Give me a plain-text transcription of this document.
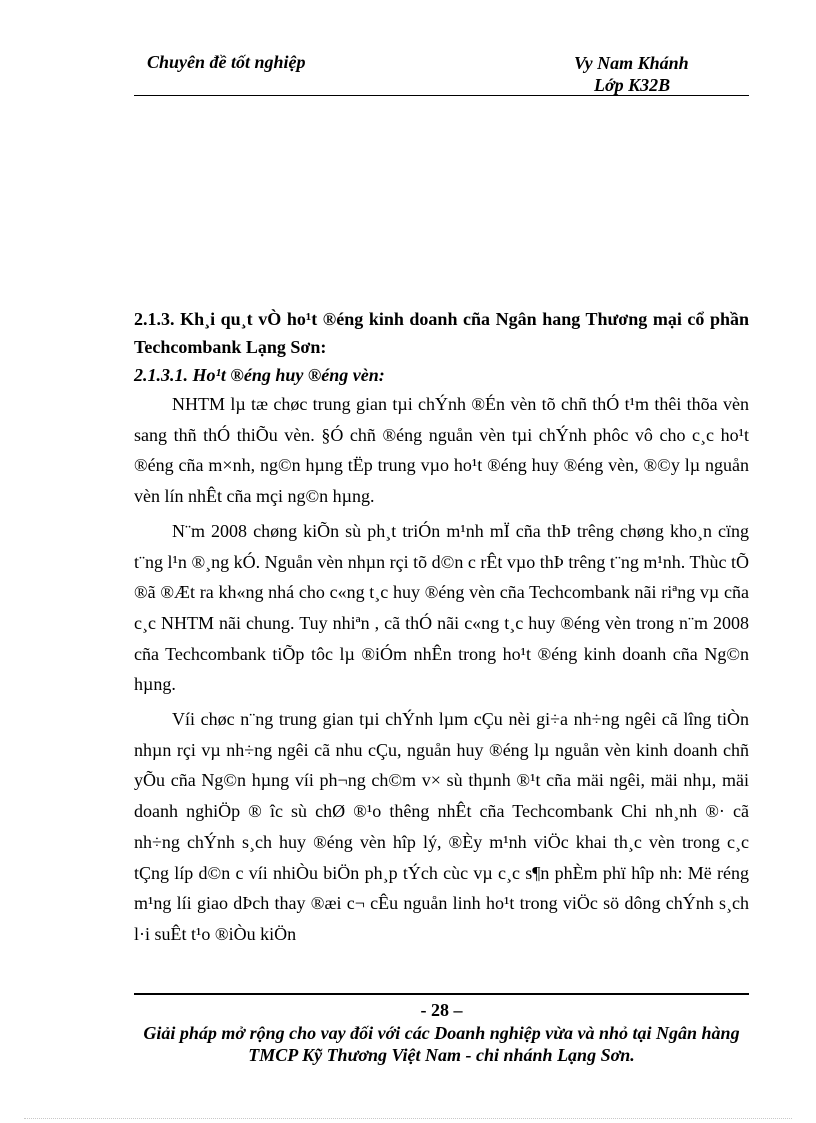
Chuyên đề tốt nghiệp	Vy Nam Khánh
Lớp K32B

2.1.3. Kh¸i qu¸t vÒ ho¹t ®éng kinh doanh cña Ngân hang Thương mại cổ phần Techcombank Lạng Sơn:

2.1.3.1. Ho¹t ®éng huy ®éng vèn:

NHTM lµ tæ chøc trung gian tµi chÝnh ®Én vèn tõ chñ thÓ t¹m thêi thõa vèn sang thñ thÓ thiÕu vèn. §Ó chñ ®éng nguån vèn tµi chÝnh phôc vô cho c¸c ho¹t ®éng cña m×nh, ng©n hµng tËp trung vµo ho¹t ®éng huy ®éng vèn, ®©y lµ nguån vèn lín nhÊt cña mçi ng©n hµng.

N¨m 2008 chøng kiÕn sù ph¸t triÓn m¹nh mÏ cña thÞ trêng chøng kho¸n cïng t¨ng l¹n ®¸ng kÓ. Nguån vèn nhµn rçi tõ d©n c rÊt vµo thÞ trêng t¨ng m¹nh. Thùc tÕ ®ã ®Æt ra kh«ng nhá cho c«ng t¸c huy ®éng vèn cña Techcombank nãi riªng vµ cña c¸c NHTM nãi chung. Tuy nhiªn , cã thÓ nãi c«ng t¸c huy ®éng vèn trong n¨m 2008 cña Techcombank tiÕp tôc lµ ®iÓm nhÊn trong ho¹t ®éng kinh doanh cña Ng©n hµng.

Víi chøc n¨ng trung gian tµi chÝnh lµm cÇu nèi gi÷a nh÷ng ngêi cã lîng tiÒn nhµn rçi vµ nh÷ng ngêi cã nhu cÇu, nguån huy ®éng lµ nguån vèn kinh doanh chñ yÕu cña Ng©n hµng víi ph¬ng ch©m v× sù thµnh ®¹t cña mäi ngêi, mäi nhµ, mäi doanh nghiÖp ® îc sù chØ ®¹o thêng nhÊt cña Techcombank Chi nh¸nh ®· cã nh÷ng chÝnh s¸ch huy ®éng vèn hîp lý, ®Èy m¹nh viÖc khai th¸c vèn trong c¸c tÇng líp d©n c víi nhiÒu biÖn ph¸p tÝch cùc vµ c¸c s¶n phÈm phï hîp nh: Më réng m¹ng líi giao dÞch thay ®æi c¬ cÊu nguån linh ho¹t trong viÖc sö dông chÝnh s¸ch l·i suÊt t¹o ®iÒu kiÖn

- 28 –
Giải pháp mở rộng cho vay đối với các Doanh nghiệp vừa và nhỏ tại Ngân hàng TMCP Kỹ Thương Việt Nam - chi nhánh Lạng Sơn.
